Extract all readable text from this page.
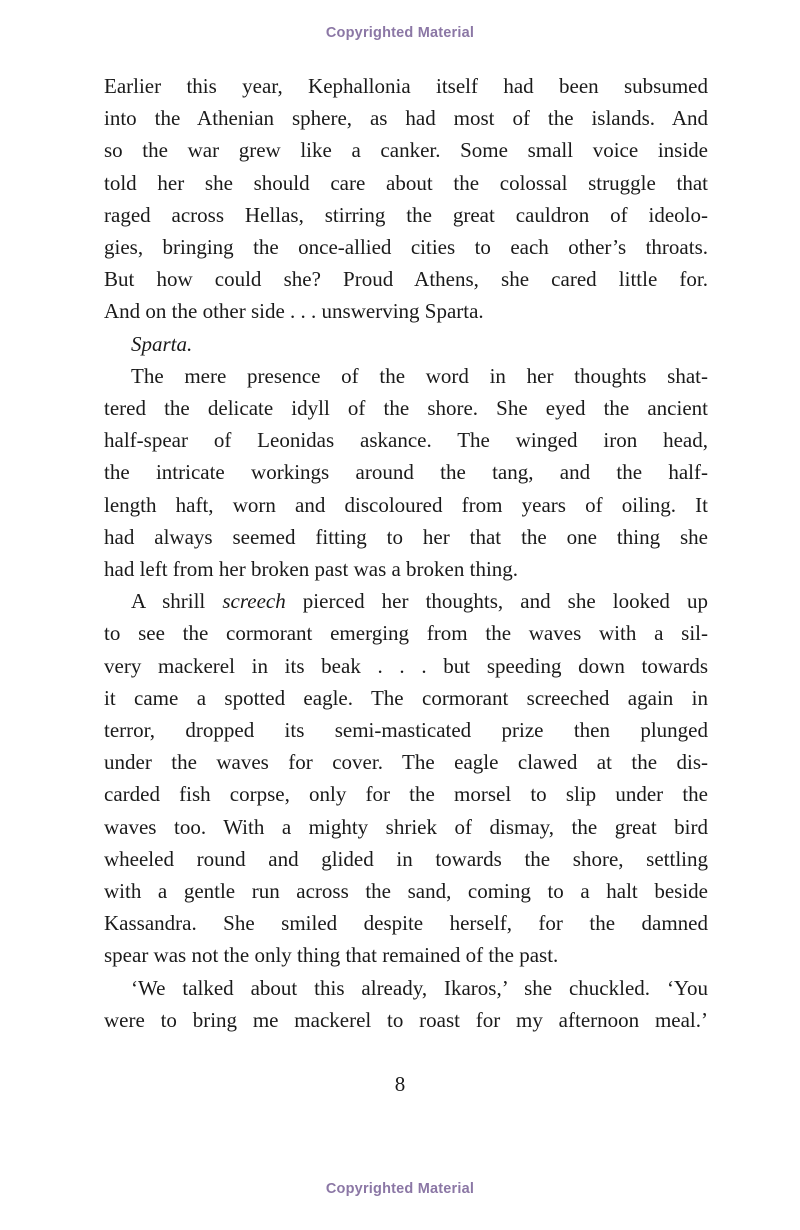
Copyrighted Material
Earlier this year, Kephallonia itself had been subsumed
into the Athenian sphere, as had most of the islands. And
so the war grew like a canker. Some small voice inside
told her she should care about the colossal struggle that
raged across Hellas, stirring the great cauldron of ideolo-
gies, bringing the once-allied cities to each other’s throats.
But how could she? Proud Athens, she cared little for.
And on the other side . . . unswerving Sparta.
Sparta.
The mere presence of the word in her thoughts shat-
tered the delicate idyll of the shore. She eyed the ancient
half-spear of Leonidas askance. The winged iron head,
the intricate workings around the tang, and the half-
length haft, worn and discoloured from years of oiling. It
had always seemed fitting to her that the one thing she
had left from her broken past was a broken thing.
A shrill screech pierced her thoughts, and she looked up
to see the cormorant emerging from the waves with a sil-
very mackerel in its beak . . . but speeding down towards
it came a spotted eagle. The cormorant screeched again in
terror, dropped its semi-masticated prize then plunged
under the waves for cover. The eagle clawed at the dis-
carded fish corpse, only for the morsel to slip under the
waves too. With a mighty shriek of dismay, the great bird
wheeled round and glided in towards the shore, settling
with a gentle run across the sand, coming to a halt beside
Kassandra. She smiled despite herself, for the damned
spear was not the only thing that remained of the past.
‘We talked about this already, Ikaros,’ she chuckled. ‘You
were to bring me mackerel to roast for my afternoon meal.’
8
Copyrighted Material
